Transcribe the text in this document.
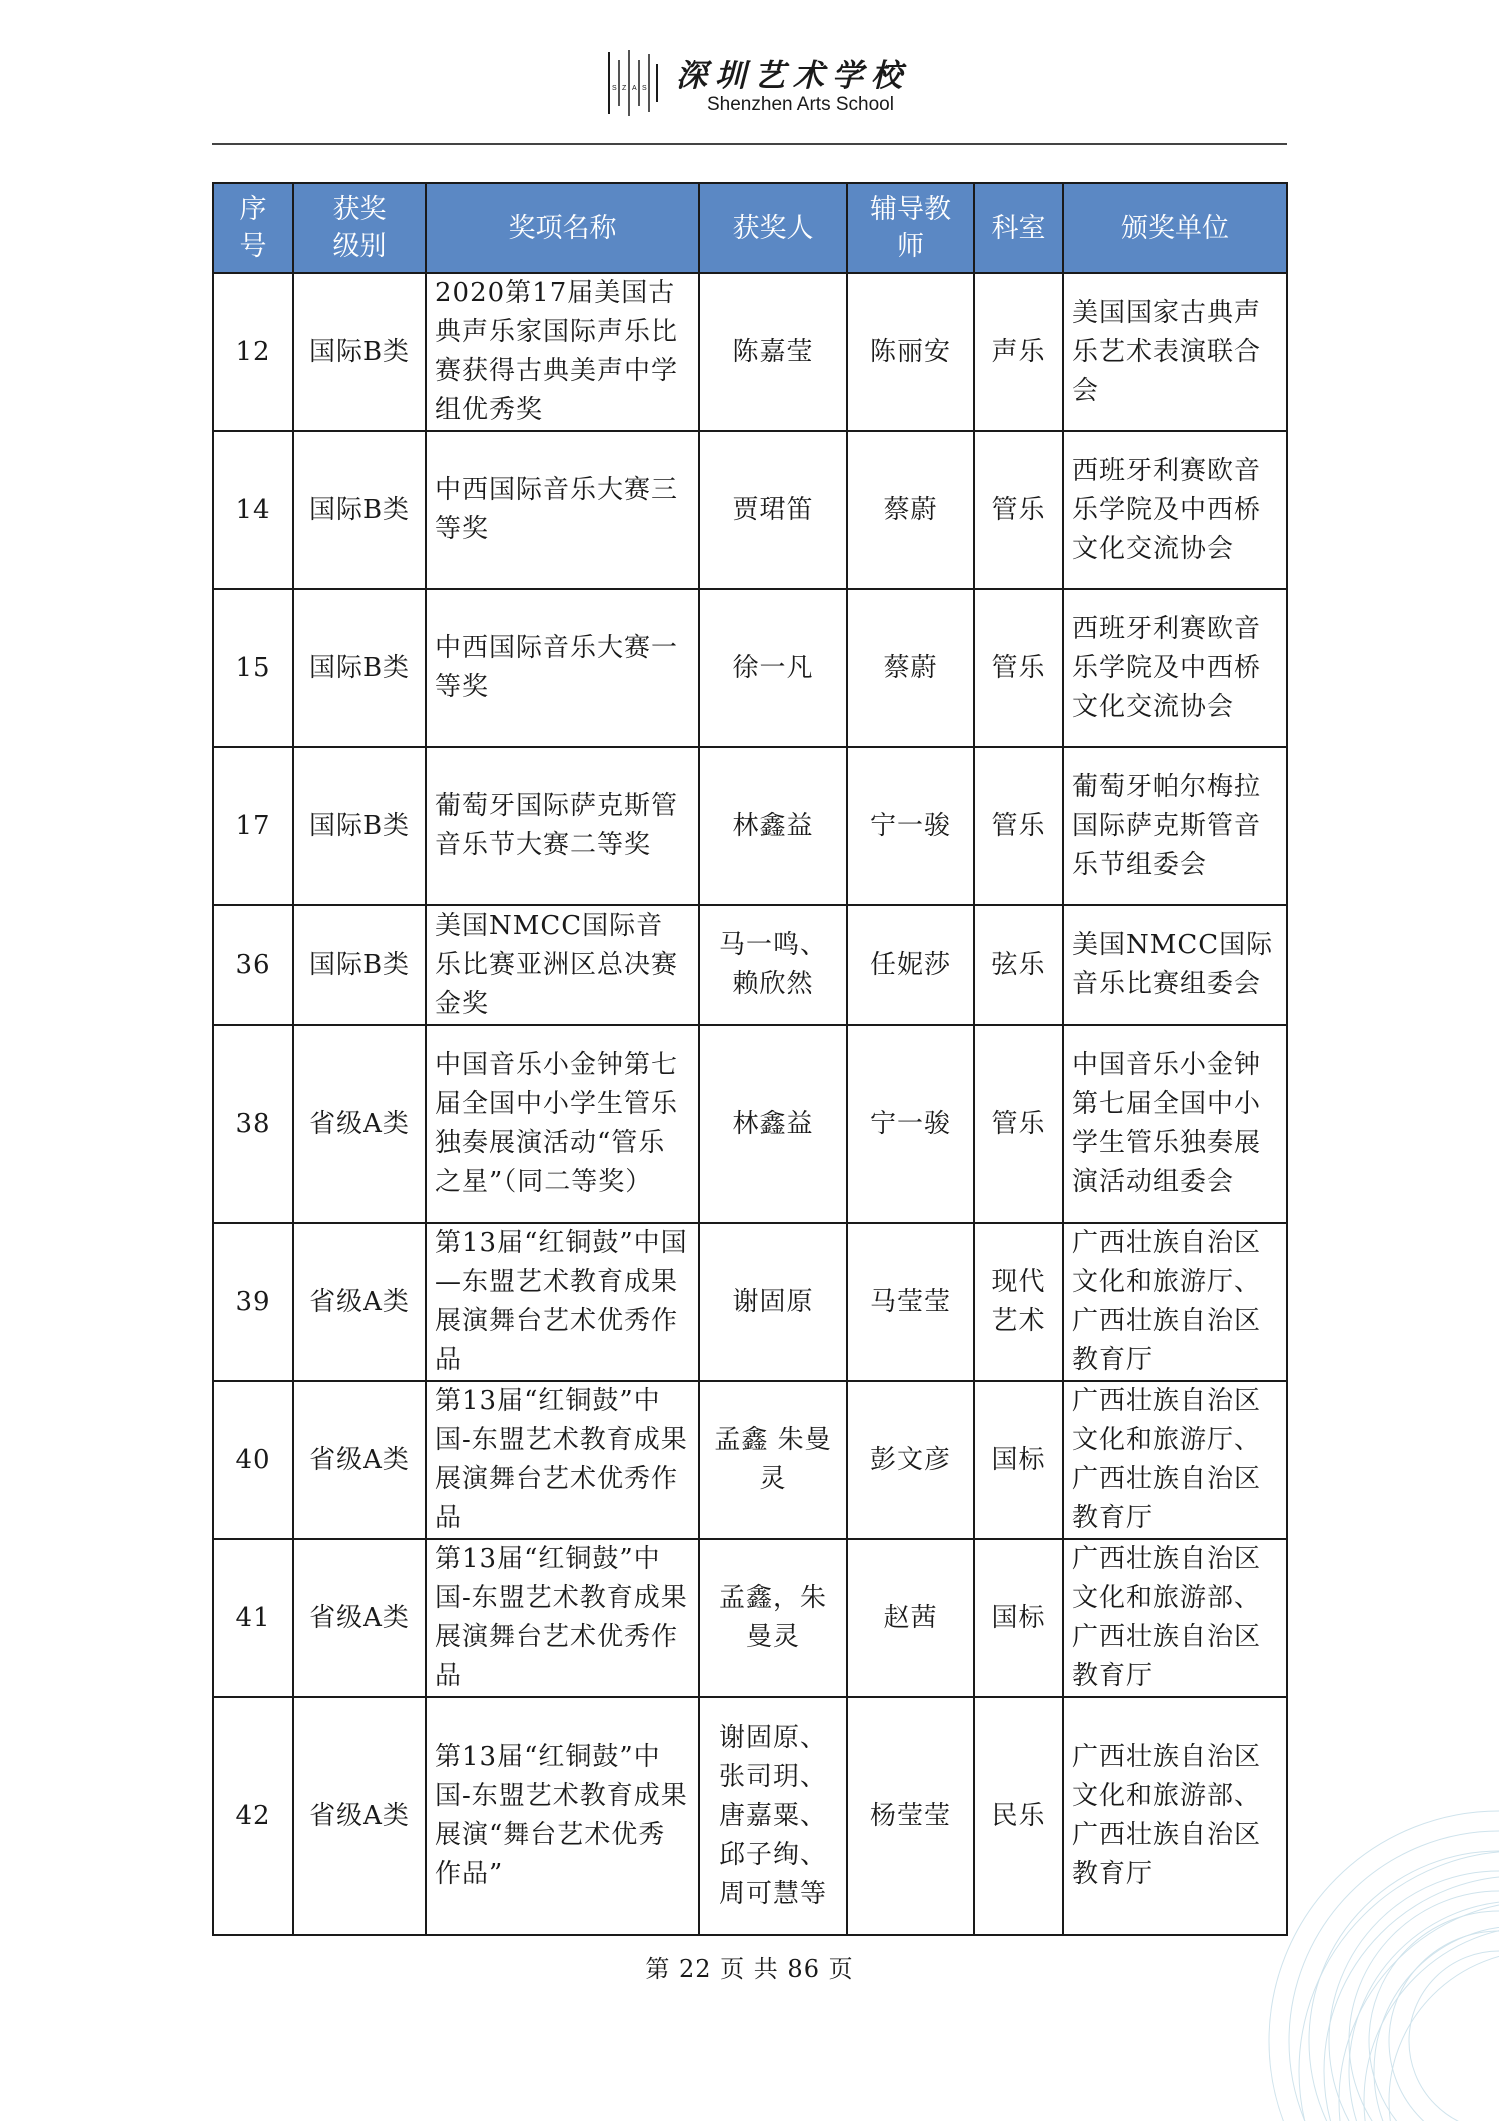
S Z A S 深圳艺术学校
Shenzhen Arts School
序号	获奖级别	奖项名称	获奖人	辅导教师	科室	颁奖单位
12	国际B类	2020第17届美国古典声乐家国际声乐比赛获得古典美声中学组优秀奖	陈嘉莹	陈丽安	声乐	美国国家古典声乐艺术表演联合会
14	国际B类	中西国际音乐大赛三等奖	贾珺笛	蔡蔚	管乐	西班牙利赛欧音乐学院及中西桥文化交流协会
15	国际B类	中西国际音乐大赛一等奖	徐一凡	蔡蔚	管乐	西班牙利赛欧音乐学院及中西桥文化交流协会
17	国际B类	葡萄牙国际萨克斯管音乐节大赛二等奖	林鑫益	宁一骏	管乐	葡萄牙帕尔梅拉国际萨克斯管音乐节组委会
36	国际B类	美国NMCC国际音乐比赛亚洲区总决赛金奖	马一鸣、赖欣然	任妮莎	弦乐	美国NMCC国际音乐比赛组委会
38	省级A类	中国音乐小金钟第七届全国中小学生管乐独奏展演活动“管乐之星”（同二等奖）	林鑫益	宁一骏	管乐	中国音乐小金钟第七届全国中小学生管乐独奏展演活动组委会
39	省级A类	第13届“红铜鼓”中国—东盟艺术教育成果展演舞台艺术优秀作品	谢固原	马莹莹	现代艺术	广西壮族自治区文化和旅游厅、广西壮族自治区教育厅
40	省级A类	第13届“红铜鼓”中国-东盟艺术教育成果展演舞台艺术优秀作品	孟鑫 朱曼灵	彭文彦	国标	广西壮族自治区文化和旅游厅、广西壮族自治区教育厅
41	省级A类	第13届“红铜鼓”中国-东盟艺术教育成果展演舞台艺术优秀作品	孟鑫，朱曼灵	赵茜	国标	广西壮族自治区文化和旅游部、广西壮族自治区教育厅
42	省级A类	第13届“红铜鼓”中国-东盟艺术教育成果展演“舞台艺术优秀作品”	谢固原、张司玥、唐嘉粟、邱子绚、周可慧等	杨莹莹	民乐	广西壮族自治区文化和旅游部、广西壮族自治区教育厅
第 22 页 共 86 页
